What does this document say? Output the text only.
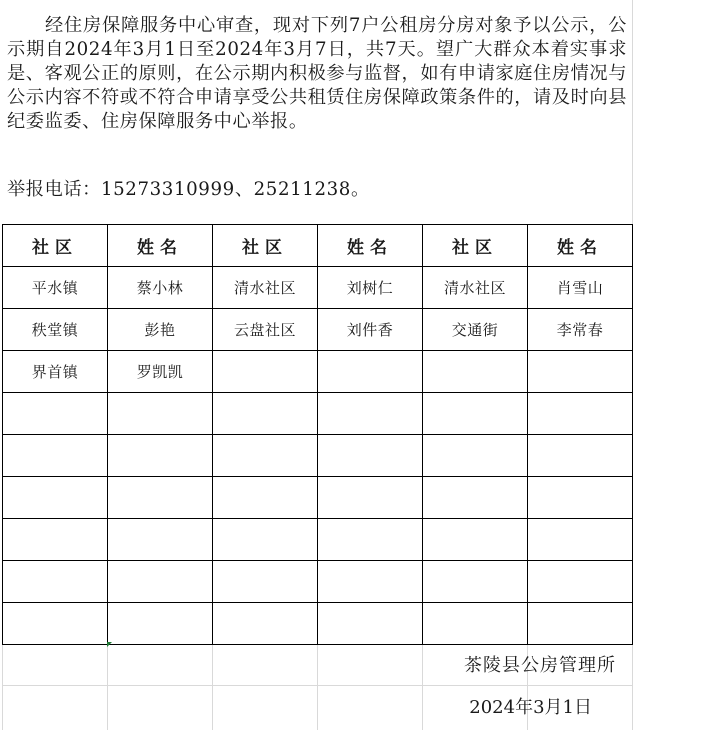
经住房保障服务中心审查，现对下列7户公租房分房对象予以公示，公示期自2024年3月1日至2024年3月7日，共7天。望广大群众本着实事求是、客观公正的原则，在公示期内积极参与监督，如有申请家庭住房情况与公示内容不符或不符合申请享受公共租赁住房保障政策条件的，请及时向县纪委监委、住房保障服务中心举报。

举报电话：15273310999、25211238。
社区	姓名	社区	姓名	社区	姓名
平水镇	蔡小林	清水社区	刘树仁	清水社区	肖雪山
秩堂镇	彭艳	云盘社区	刘件香	交通街	李常春
界首镇	罗凯凯				

茶陵县公房管理所
2024年3月1日
